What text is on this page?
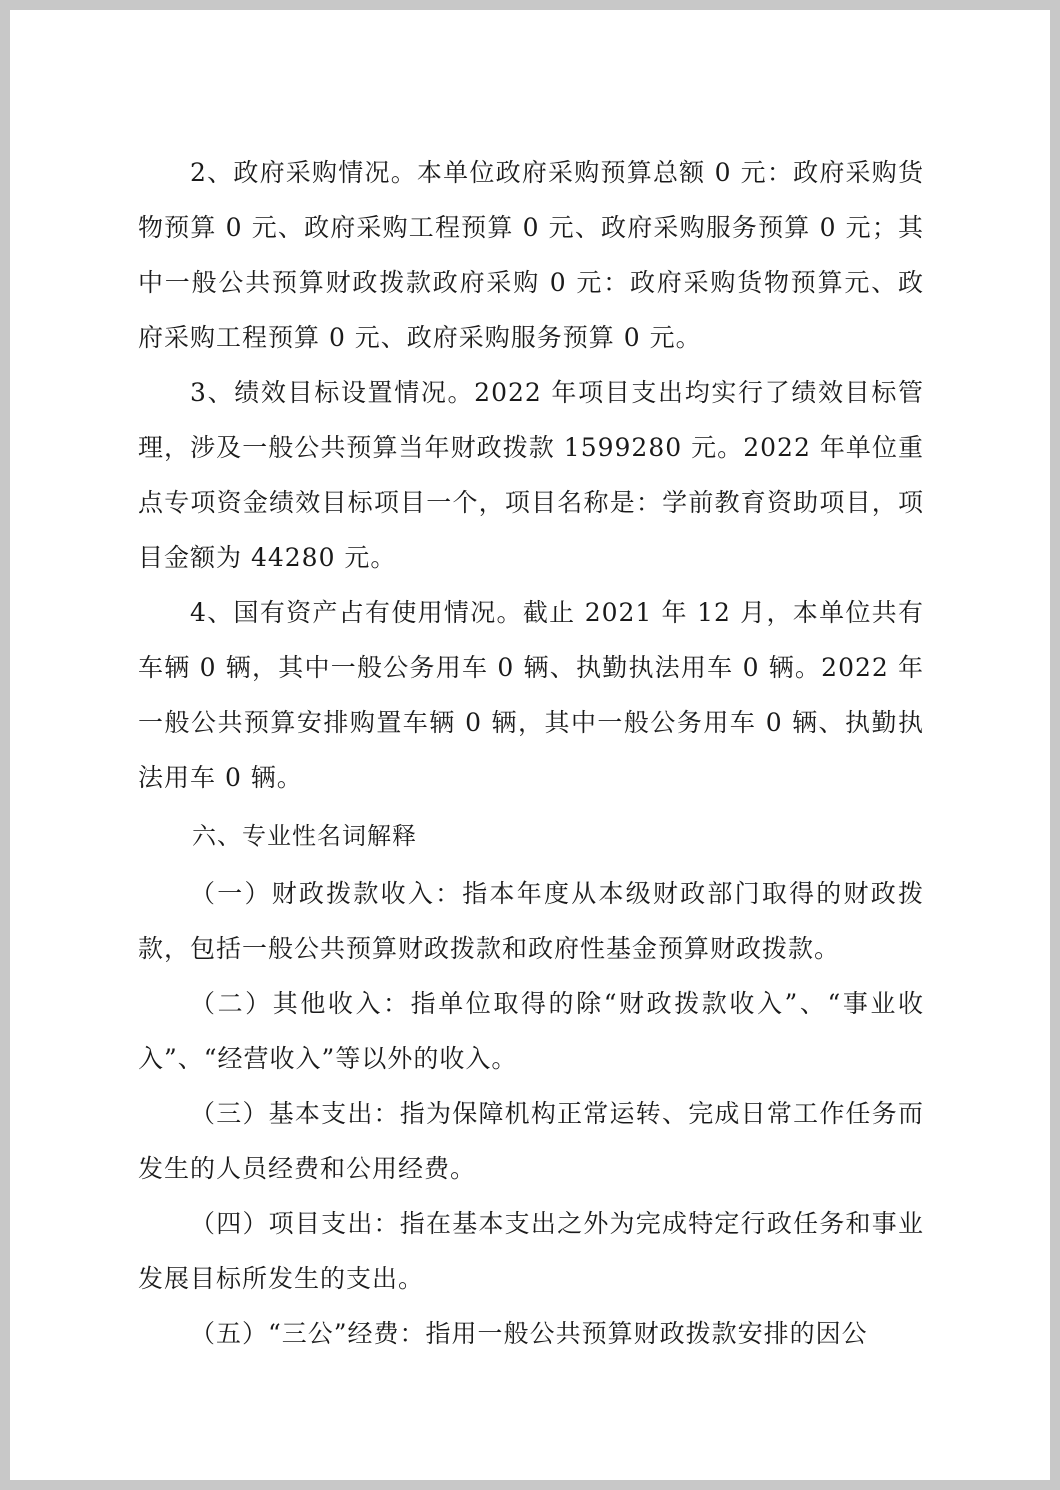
2、政府采购情况。本单位政府采购预算总额 0 元：政府采购货物预算 0 元、政府采购工程预算 0 元、政府采购服务预算 0 元；其中一般公共预算财政拨款政府采购 0 元：政府采购货物预算元、政府采购工程预算 0 元、政府采购服务预算 0 元。

3、绩效目标设置情况。2022 年项目支出均实行了绩效目标管理，涉及一般公共预算当年财政拨款 1599280 元。2022 年单位重点专项资金绩效目标项目一个，项目名称是：学前教育资助项目，项目金额为 44280 元。

4、国有资产占有使用情况。截止 2021 年 12 月，本单位共有车辆 0 辆，其中一般公务用车 0 辆、执勤执法用车 0 辆。2022 年一般公共预算安排购置车辆 0 辆，其中一般公务用车 0 辆、执勤执法用车 0 辆。

六、专业性名词解释

（一）财政拨款收入：指本年度从本级财政部门取得的财政拨款，包括一般公共预算财政拨款和政府性基金预算财政拨款。

（二）其他收入：指单位取得的除“财政拨款收入”、“事业收入”、“经营收入”等以外的收入。

（三）基本支出：指为保障机构正常运转、完成日常工作任务而发生的人员经费和公用经费。

（四）项目支出：指在基本支出之外为完成特定行政任务和事业发展目标所发生的支出。

（五）“三公”经费：指用一般公共预算财政拨款安排的因公
